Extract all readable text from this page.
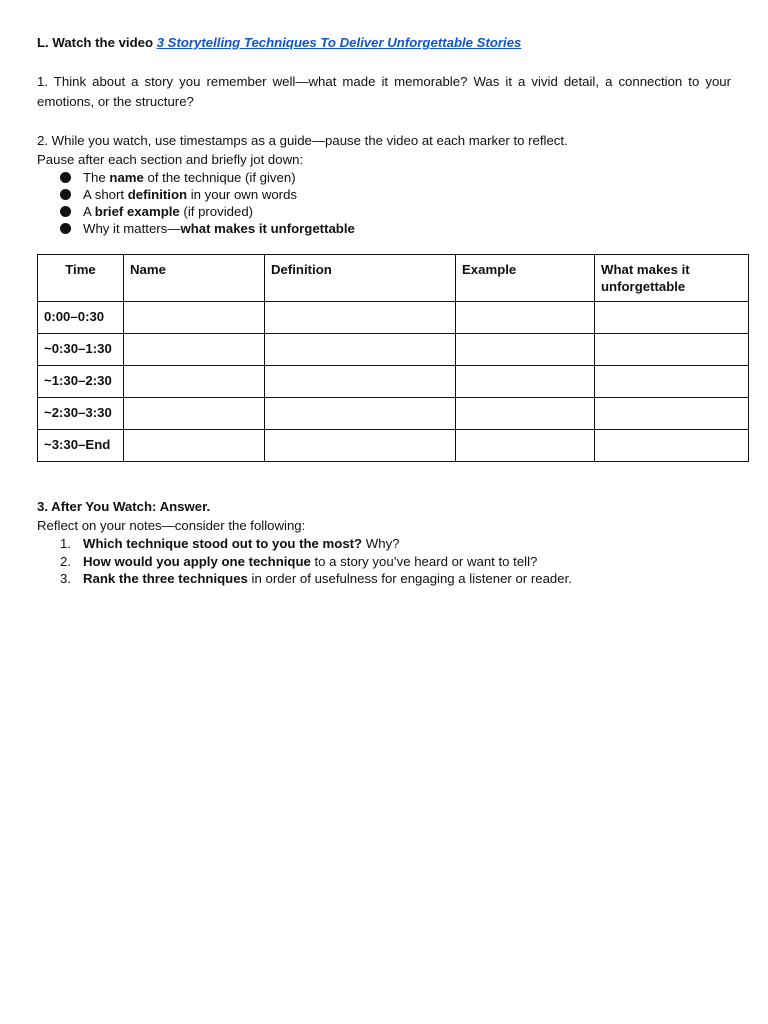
L. Watch the video 3 Storytelling Techniques To Deliver Unforgettable Stories

1. Think about a story you remember well—what made it memorable? Was it a vivid detail, a connection to your emotions, or the structure?

2. While you watch, use timestamps as a guide—pause the video at each marker to reflect.

Pause after each section and briefly jot down:

The name of the technique (if given)
A short definition in your own words
A brief example (if provided)
Why it matters—what makes it unforgettable
Time	Name	Definition	Example	What makes it unforgettable
0:00–0:30				
~0:30–1:30				
~1:30–2:30				
~2:30–3:30				
~3:30–End				

3. After You Watch: Answer.

Reflect on your notes—consider the following:

1. Which technique stood out to you the most? Why?
2. How would you apply one technique to a story you’ve heard or want to tell?
3. Rank the three techniques in order of usefulness for engaging a listener or reader.
